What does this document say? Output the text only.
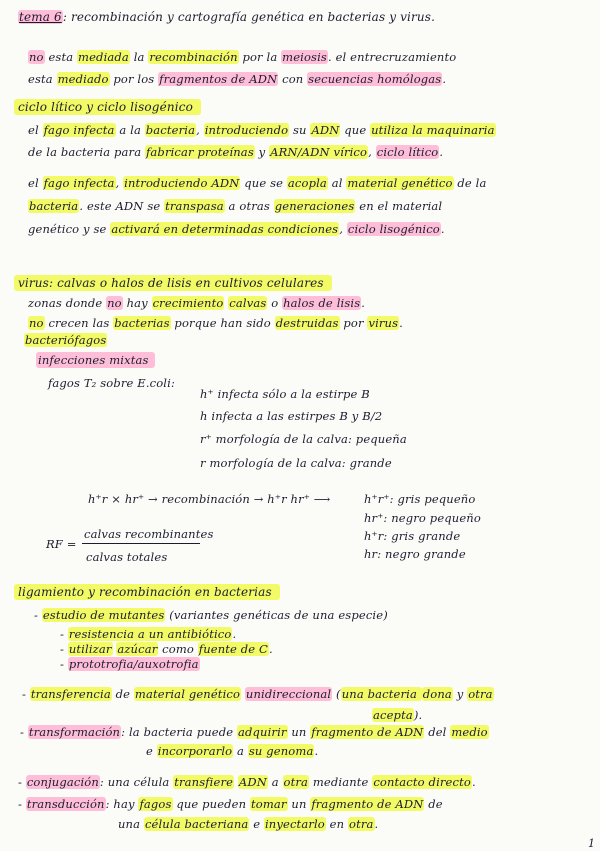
tema 6: recombinación y cartografía genética en bacterias y virus.
no esta mediada la recombinación por la meiosis. el entrecruzamiento
esta mediado por los fragmentos de ADN con secuencias homólogas.
ciclo lítico y ciclo lisogénico
el fago infecta a la bacteria, introduciendo su ADN que utiliza la maquinaria
de la bacteria para fabricar proteínas y ARN/ADN vírico, ciclo lítico.
el fago infecta, introduciendo ADN que se acopla al material genético de la
bacteria. este ADN se transpasa a otras generaciones en el material
genético y se activará en determinadas condiciones, ciclo lisogénico.
virus: calvas o halos de lisis en cultivos celulares
zonas donde no hay crecimiento calvas o halos de lisis.
no crecen las bacterias porque han sido destruidas por virus.
bacteriófagos
infecciones mixtas
fagos T₂ sobre E.coli:
h⁺ infecta sólo a la estirpe B
h infecta a las estirpes B y B/2
r⁺ morfología de la calva: pequeña
r morfología de la calva: grande
h⁺r × hr⁺ → recombinación → h⁺r hr⁺ ⟶	h⁺r⁺: gris pequeño
hr⁺: negro pequeño
h⁺r: gris grande
hr: negro grande
RF =
calvas recombinantes
calvas totales
ligamiento y recombinación en bacterias
- estudio de mutantes (variantes genéticas de una especie)
- resistencia a un antibiótico.
- utilizar azúcar como fuente de C.
- prototrofia/auxotrofia
- transferencia de material genético unidireccional (una bacteria dona y otra
acepta).
- transformación: la bacteria puede adquirir un fragmento de ADN del medio
e incorporarlo a su genoma.
- conjugación: una célula transfiere ADN a otra mediante contacto directo.
- transducción: hay fagos que pueden tomar un fragmento de ADN de
una célula bacteriana e inyectarlo en otra.
1
